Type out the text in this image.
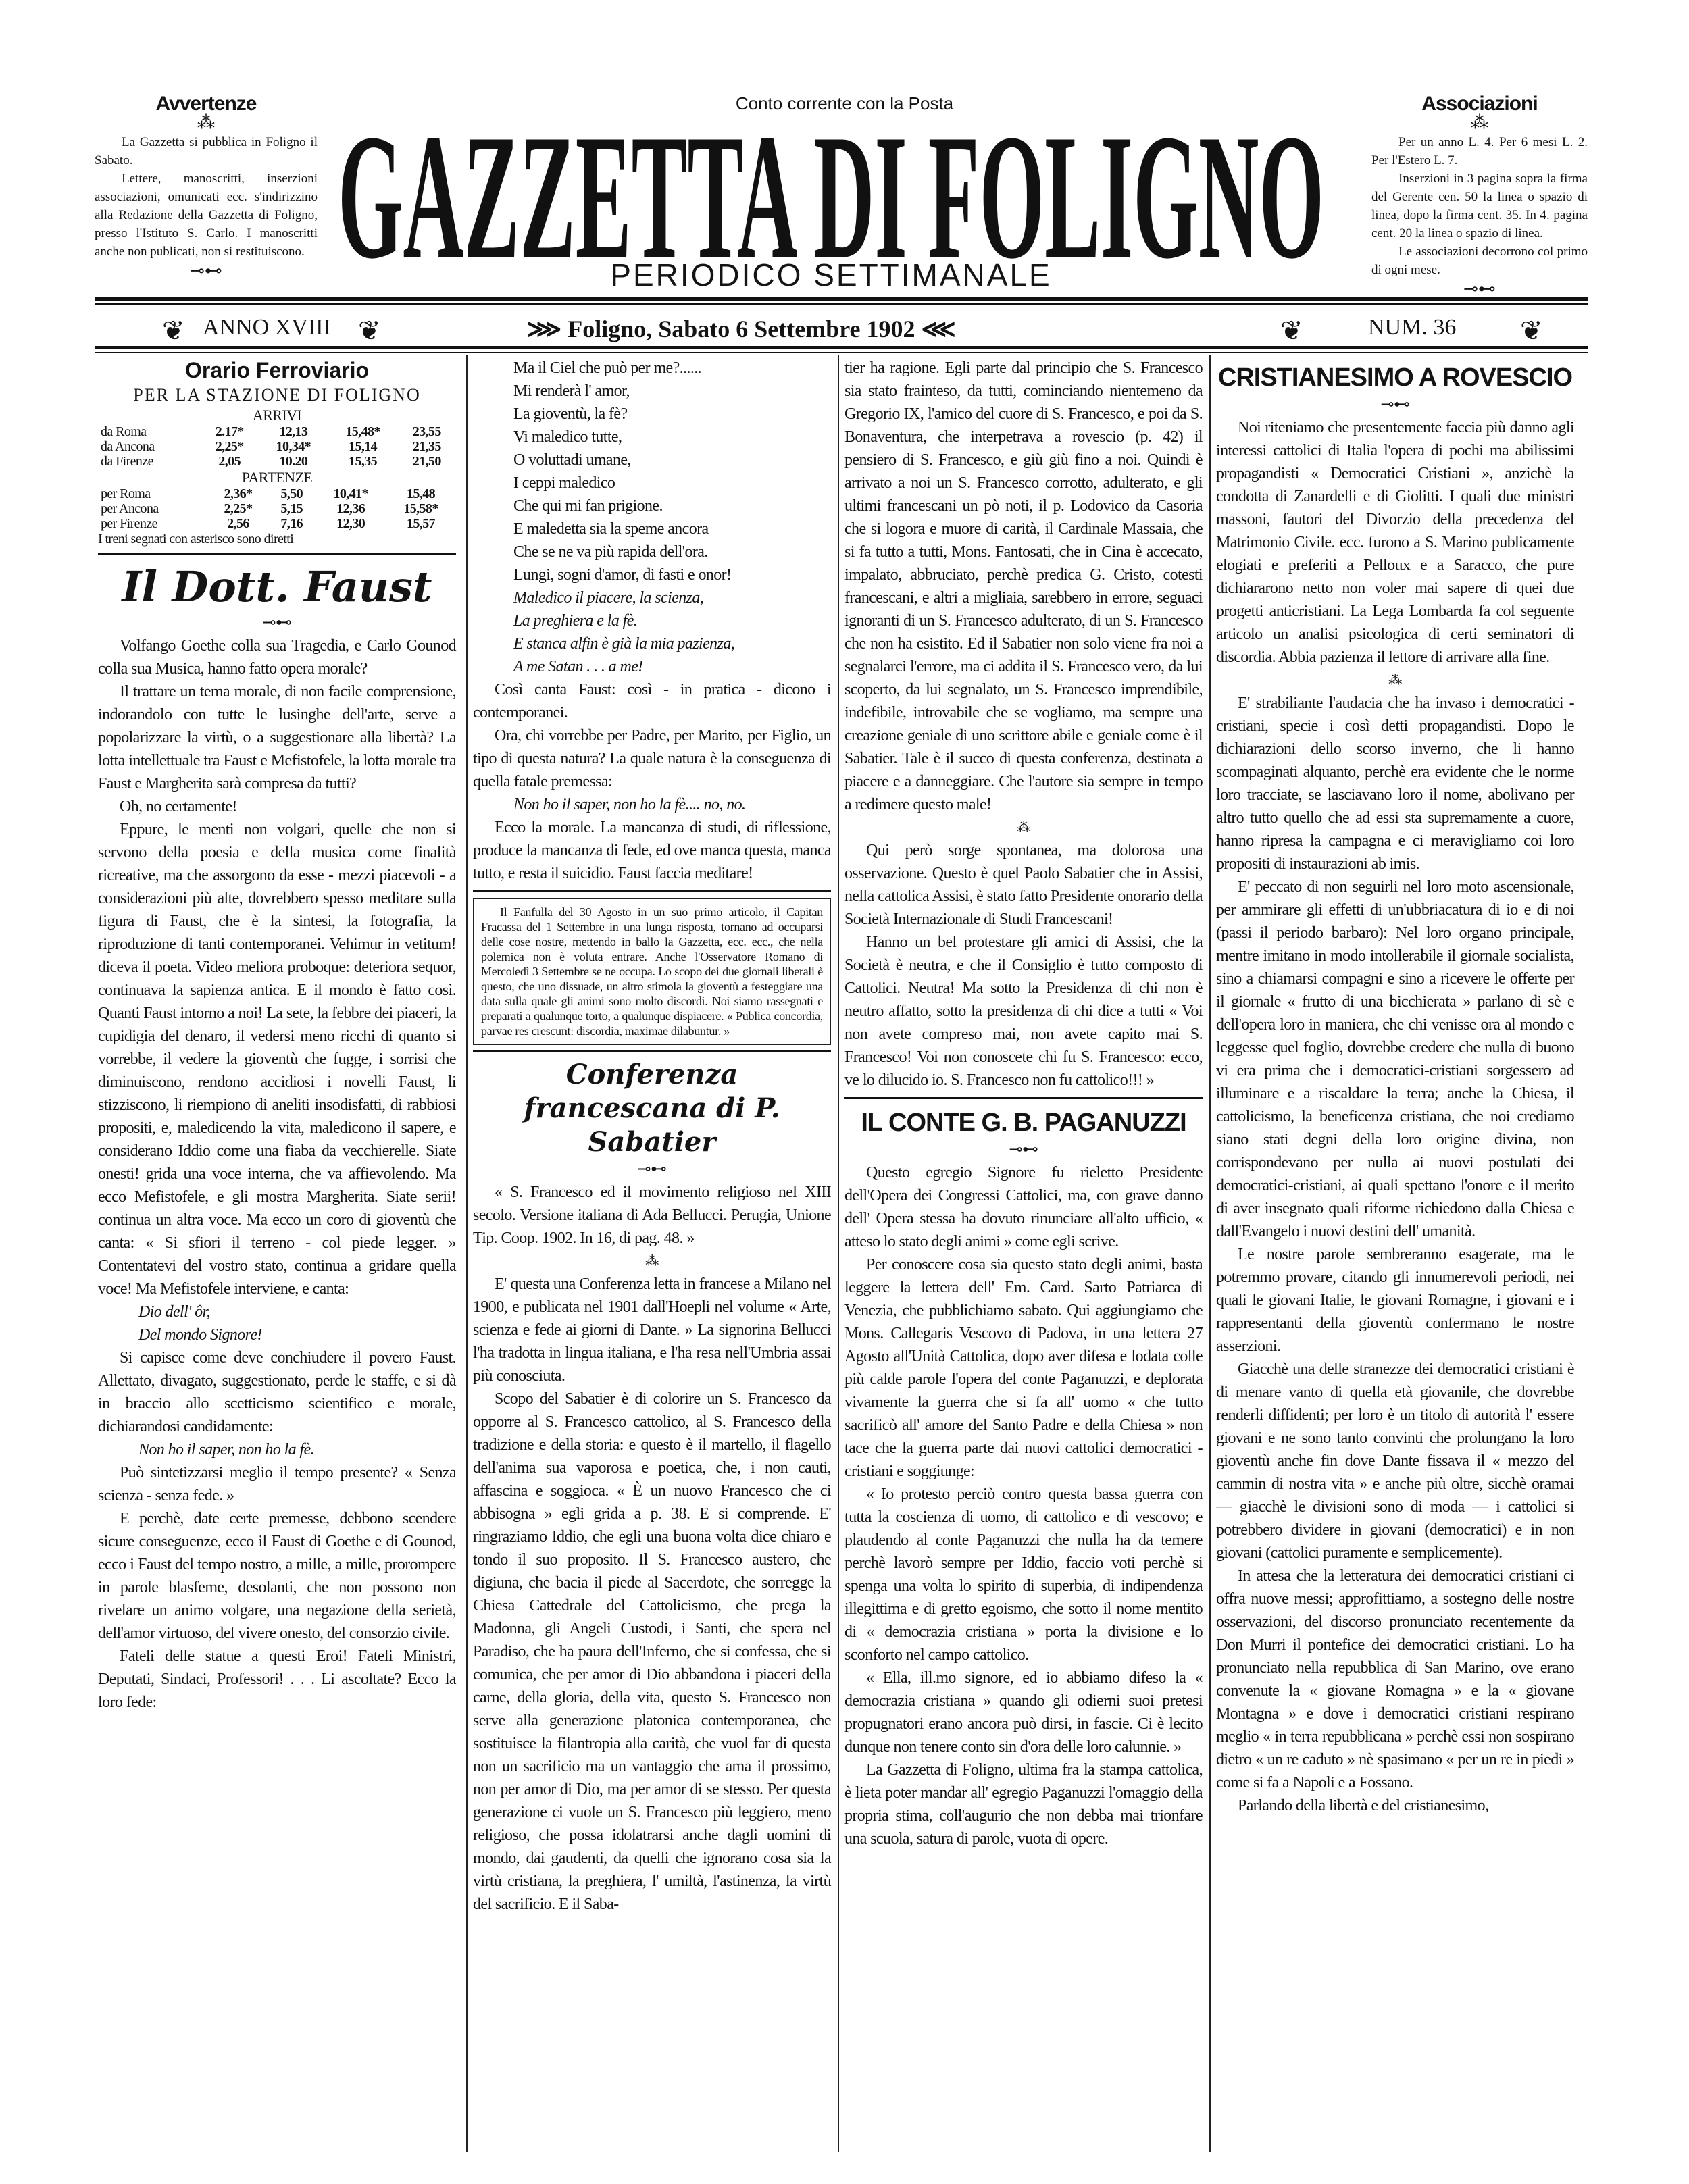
Avvertenze
⁂

La Gazzetta si pubblica in Foligno il Sabato.

Lettere, manoscritti, inserzioni associazioni, omunicati ecc. s'indirizzino alla Redazione della Gazzetta di Foligno, presso l'Istituto S. Carlo. I manoscritti anche non publicati, non si restituiscono.

⊸⊷
Conto corrente con la Posta
GAZZETTA DI FOLIGNO
PERIODICO SETTIMANALE
Associazioni
⁂

Per un anno L. 4. Per 6 mesi L. 2. Per l'Estero L. 7.

Inserzioni in 3 pagina sopra la firma del Gerente cen. 50 la linea o spazio di linea, dopo la firma cent. 35. In 4. pagina cent. 20 la linea o spazio di linea.

Le associazioni decorrono col primo di ogni mese.

⊸⊷
❦ ANNO XVIII ❦	⋙ Foligno, Sabato 6 Settembre 1902 ⋘	❦	NUM. 36 ❦
Orario Ferroviario
PER LA STAZIONE DI FOLIGNO
ARRIVI
da Roma	2.17*	12,13	15,48*	23,55
da Ancona	2,25*	10,34*	15,14	21,35
da Firenze	2,05	10.20	15,35	21,50
PARTENZE
per Roma	2,36*	5,50	10,41*	15,48
per Ancona	2,25*	5,15	12,36	15,58*
per Firenze	2,56	7,16	12,30	15,57
I treni segnati con asterisco sono diretti
Il Dott. Faust
⊸⊷

Volfango Goethe colla sua Tragedia, e Carlo Gounod colla sua Musica, hanno fatto opera morale?

Il trattare un tema morale, di non facile comprensione, indorandolo con tutte le lusinghe dell'arte, serve a popolarizzare la virtù, o a suggestionare alla libertà? La lotta intellettuale tra Faust e Mefistofele, la lotta morale tra Faust e Margherita sarà compresa da tutti?

Oh, no certamente!

Eppure, le menti non volgari, quelle che non si servono della poesia e della musica come finalità ricreative, ma che assorgono da esse - mezzi piacevoli - a considerazioni più alte, dovrebbero spesso meditare sulla figura di Faust, che è la sintesi, la fotografia, la riproduzione di tanti contemporanei. Vehimur in vetitum! diceva il poeta. Video meliora proboque: deteriora sequor, continuava la sapienza antica. E il mondo è fatto così. Quanti Faust intorno a noi! La sete, la febbre dei piaceri, la cupidigia del denaro, il vedersi meno ricchi di quanto si vorrebbe, il vedere la gioventù che fugge, i sorrisi che diminuiscono, rendono accidiosi i novelli Faust, li stizziscono, li riempiono di aneliti insodisfatti, di rabbiosi propositi, e, maledicendo la vita, maledicono il sapere, e considerano Iddio come una fiaba da vecchierelle. Siate onesti! grida una voce interna, che va affievolendo. Ma ecco Mefistofele, e gli mostra Margherita. Siate serii! continua un altra voce. Ma ecco un coro di gioventù che canta: « Si sfiori il terreno - col piede legger. » Contentatevi del vostro stato, continua a gridare quella voce! Ma Mefistofele interviene, e canta:

Dio dell' ôr,
Del mondo Signore!

Si capisce come deve conchiudere il povero Faust. Allettato, divagato, suggestionato, perde le staffe, e si dà in braccio allo scetticismo scientifico e morale, dichiarandosi candidamente:

Non ho il saper, non ho la fè.

Può sintetizzarsi meglio il tempo presente? « Senza scienza - senza fede. »

E perchè, date certe premesse, debbono scendere sicure conseguenze, ecco il Faust di Goethe e di Gounod, ecco i Faust del tempo nostro, a mille, a mille, prorompere in parole blasfeme, desolanti, che non possono non rivelare un animo volgare, una negazione della serietà, dell'amor virtuoso, del vivere onesto, del consorzio civile.

Fateli delle statue a questi Eroi! Fateli Ministri, Deputati, Sindaci, Professori! . . . Li ascoltate? Ecco la loro fede:

Ma il Ciel che può per me?......
Mi renderà l' amor,
La gioventù, la fè?
Vi maledico tutte,
O voluttadi umane,
I ceppi maledico
Che qui mi fan prigione.
E maledetta sia la speme ancora
Che se ne va più rapida dell'ora.
Lungi, sogni d'amor, di fasti e onor!
Maledico il piacere, la scienza,
La preghiera e la fè.
E stanca alfin è già la mia pazienza,
A me Satan . . . a me!

Così canta Faust: così - in pratica - dicono i contemporanei.

Ora, chi vorrebbe per Padre, per Marito, per Figlio, un tipo di questa natura? La quale natura è la conseguenza di quella fatale premessa:

Non ho il saper, non ho la fè.... no, no.

Ecco la morale. La mancanza di studi, di riflessione, produce la mancanza di fede, ed ove manca questa, manca tutto, e resta il suicidio. Faust faccia meditare!

Il Fanfulla del 30 Agosto in un suo primo articolo, il Capitan Fracassa del 1 Settembre in una lunga risposta, tornano ad occuparsi delle cose nostre, mettendo in ballo la Gazzetta, ecc. ecc., che nella polemica non è voluta entrare. Anche l'Osservatore Romano di Mercoledì 3 Settembre se ne occupa. Lo scopo dei due giornali liberali è questo, che uno dissuade, un altro stimola la gioventù a festeggiare una data sulla quale gli animi sono molto discordi. Noi siamo rassegnati e preparati a qualunque torto, a qualunque dispiacere. « Publica concordia, parvae res crescunt: discordia, maximae dilabuntur. »

Conferenza francescana di P. Sabatier
⊸⊷

« S. Francesco ed il movimento religioso nel XIII secolo. Versione italiana di Ada Bellucci. Perugia, Unione Tip. Coop. 1902. In 16, di pag. 48. »

⁂

E' questa una Conferenza letta in francese a Milano nel 1900, e publicata nel 1901 dall'Hoepli nel volume « Arte, scienza e fede ai giorni di Dante. » La signorina Bellucci l'ha tradotta in lingua italiana, e l'ha resa nell'Umbria assai più conosciuta.

Scopo del Sabatier è di colorire un S. Francesco da opporre al S. Francesco cattolico, al S. Francesco della tradizione e della storia: e questo è il martello, il flagello dell'anima sua vaporosa e poetica, che, i non cauti, affascina e soggioca. « È un nuovo Francesco che ci abbisogna » egli grida a p. 38. E si comprende. E' ringraziamo Iddio, che egli una buona volta dice chiaro e tondo il suo proposito. Il S. Francesco austero, che digiuna, che bacia il piede al Sacerdote, che sorregge la Chiesa Cattedrale del Cattolicismo, che prega la Madonna, gli Angeli Custodi, i Santi, che spera nel Paradiso, che ha paura dell'Inferno, che si confessa, che si comunica, che per amor di Dio abbandona i piaceri della carne, della gloria, della vita, questo S. Francesco non serve alla generazione platonica contemporanea, che sostituisce la filantropia alla carità, che vuol far di questa non un sacrificio ma un vantaggio che ama il prossimo, non per amor di Dio, ma per amor di se stesso. Per questa generazione ci vuole un S. Francesco più leggiero, meno religioso, che possa idolatrarsi anche dagli uomini di mondo, dai gaudenti, da quelli che ignorano cosa sia la virtù cristiana, la preghiera, l' umiltà, l'astinenza, la virtù del sacrificio. E il Saba-

tier ha ragione. Egli parte dal principio che S. Francesco sia stato frainteso, da tutti, cominciando nientemeno da Gregorio IX, l'amico del cuore di S. Francesco, e poi da S. Bonaventura, che interpetrava a rovescio (p. 42) il pensiero di S. Francesco, e giù giù fino a noi. Quindi è arrivato a noi un S. Francesco corrotto, adulterato, e gli ultimi francescani un pò noti, il p. Lodovico da Casoria che si logora e muore di carità, il Cardinale Massaia, che si fa tutto a tutti, Mons. Fantosati, che in Cina è accecato, impalato, abbruciato, perchè predica G. Cristo, cotesti francescani, e altri a migliaia, sarebbero in errore, seguaci ignoranti di un S. Francesco adulterato, di un S. Francesco che non ha esistito. Ed il Sabatier non solo viene fra noi a segnalarci l'errore, ma ci addita il S. Francesco vero, da lui scoperto, da lui segnalato, un S. Francesco imprendibile, indefibile, introvabile che se vogliamo, ma sempre una creazione geniale di uno scrittore abile e geniale come è il Sabatier. Tale è il succo di questa conferenza, destinata a piacere e a danneggiare. Che l'autore sia sempre in tempo a redimere questo male!

⁂

Qui però sorge spontanea, ma dolorosa una osservazione. Questo è quel Paolo Sabatier che in Assisi, nella cattolica Assisi, è stato fatto Presidente onorario della Società Internazionale di Studi Francescani!

Hanno un bel protestare gli amici di Assisi, che la Società è neutra, e che il Consiglio è tutto composto di Cattolici. Neutra! Ma sotto la Presidenza di chi non è neutro affatto, sotto la presidenza di chi dice a tutti « Voi non avete compreso mai, non avete capito mai S. Francesco! Voi non conoscete chi fu S. Francesco: ecco, ve lo dilucido io. S. Francesco non fu cattolico!!! »

IL CONTE G. B. PAGANUZZI
⊸⊷

Questo egregio Signore fu rieletto Presidente dell'Opera dei Congressi Cattolici, ma, con grave danno dell' Opera stessa ha dovuto rinunciare all'alto ufficio, « atteso lo stato degli animi » come egli scrive.

Per conoscere cosa sia questo stato degli animi, basta leggere la lettera dell' Em. Card. Sarto Patriarca di Venezia, che pubblichiamo sabato. Qui aggiungiamo che Mons. Callegaris Vescovo di Padova, in una lettera 27 Agosto all'Unità Cattolica, dopo aver difesa e lodata colle più calde parole l'opera del conte Paganuzzi, e deplorata vivamente la guerra che si fa all' uomo « che tutto sacrificò all' amore del Santo Padre e della Chiesa » non tace che la guerra parte dai nuovi cattolici democratici - cristiani e soggiunge:

« Io protesto perciò contro questa bassa guerra con tutta la coscienza di uomo, di cattolico e di vescovo; e plaudendo al conte Paganuzzi che nulla ha da temere perchè lavorò sempre per Iddio, faccio voti perchè si spenga una volta lo spirito di superbia, di indipendenza illegittima e di gretto egoismo, che sotto il nome mentito di « democrazia cristiana » porta la divisione e lo sconforto nel campo cattolico.

« Ella, ill.mo signore, ed io abbiamo difeso la « democrazia cristiana » quando gli odierni suoi pretesi propugnatori erano ancora può dirsi, in fascie. Ci è lecito dunque non tenere conto sin d'ora delle loro calunnie. »

La Gazzetta di Foligno, ultima fra la stampa cattolica, è lieta poter mandar all' egregio Paganuzzi l'omaggio della propria stima, coll'augurio che non debba mai trionfare una scuola, satura di parole, vuota di opere.

CRISTIANESIMO A ROVESCIO
⊸⊷

Noi riteniamo che presentemente faccia più danno agli interessi cattolici di Italia l'opera di pochi ma abilissimi propagandisti « Democratici Cristiani », anzichè la condotta di Zanardelli e di Giolitti. I quali due ministri massoni, fautori del Divorzio della precedenza del Matrimonio Civile. ecc. furono a S. Marino publicamente elogiati e preferiti a Pelloux e a Saracco, che pure dichiararono netto non voler mai sapere di quei due progetti anticristiani. La Lega Lombarda fa col seguente articolo un analisi psicologica di certi seminatori di discordia. Abbia pazienza il lettore di arrivare alla fine.

⁂

E' strabiliante l'audacia che ha invaso i democratici - cristiani, specie i così detti propagandisti. Dopo le dichiarazioni dello scorso inverno, che li hanno scompaginati alquanto, perchè era evidente che le norme loro tracciate, se lasciavano loro il nome, abolivano per altro tutto quello che ad essi sta supremamente a cuore, hanno ripresa la campagna e ci meravigliamo coi loro propositi di instaurazioni ab imis.

E' peccato di non seguirli nel loro moto ascensionale, per ammirare gli effetti di un'ubbriacatura di io e di noi (passi il periodo barbaro): Nel loro organo principale, mentre imitano in modo intollerabile il giornale socialista, sino a chiamarsi compagni e sino a ricevere le offerte per il giornale « frutto di una bicchierata » parlano di sè e dell'opera loro in maniera, che chi venisse ora al mondo e leggesse quel foglio, dovrebbe credere che nulla di buono vi era prima che i democratici-cristiani sorgessero ad illuminare e a riscaldare la terra; anche la Chiesa, il cattolicismo, la beneficenza cristiana, che noi crediamo siano stati degni della loro origine divina, non corrispondevano per nulla ai nuovi postulati dei democratici-cristiani, ai quali spettano l'onore e il merito di aver insegnato quali riforme richiedono dalla Chiesa e dall'Evangelo i nuovi destini dell' umanità.

Le nostre parole sembreranno esagerate, ma le potremmo provare, citando gli innumerevoli periodi, nei quali le giovani Italie, le giovani Romagne, i giovani e i rappresentanti della gioventù confermano le nostre asserzioni.

Giacchè una delle stranezze dei democratici cristiani è di menare vanto di quella età giovanile, che dovrebbe renderli diffidenti; per loro è un titolo di autorità l' essere giovani e ne sono tanto convinti che prolungano la loro gioventù anche fin dove Dante fissava il « mezzo del cammin di nostra vita » e anche più oltre, sicchè oramai — giacchè le divisioni sono di moda — i cattolici si potrebbero dividere in giovani (democratici) e in non giovani (cattolici puramente e semplicemente).

In attesa che la letteratura dei democratici cristiani ci offra nuove messi; approfittiamo, a sostegno delle nostre osservazioni, del discorso pronunciato recentemente da Don Murri il pontefice dei democratici cristiani. Lo ha pronunciato nella repubblica di San Marino, ove erano convenute la « giovane Romagna » e la « giovane Montagna » e dove i democratici cristiani respirano meglio « in terra repubblicana » perchè essi non sospirano dietro « un re caduto » nè spasimano « per un re in piedi » come si fa a Napoli e a Fossano.

Parlando della libertà e del cristianesimo,
